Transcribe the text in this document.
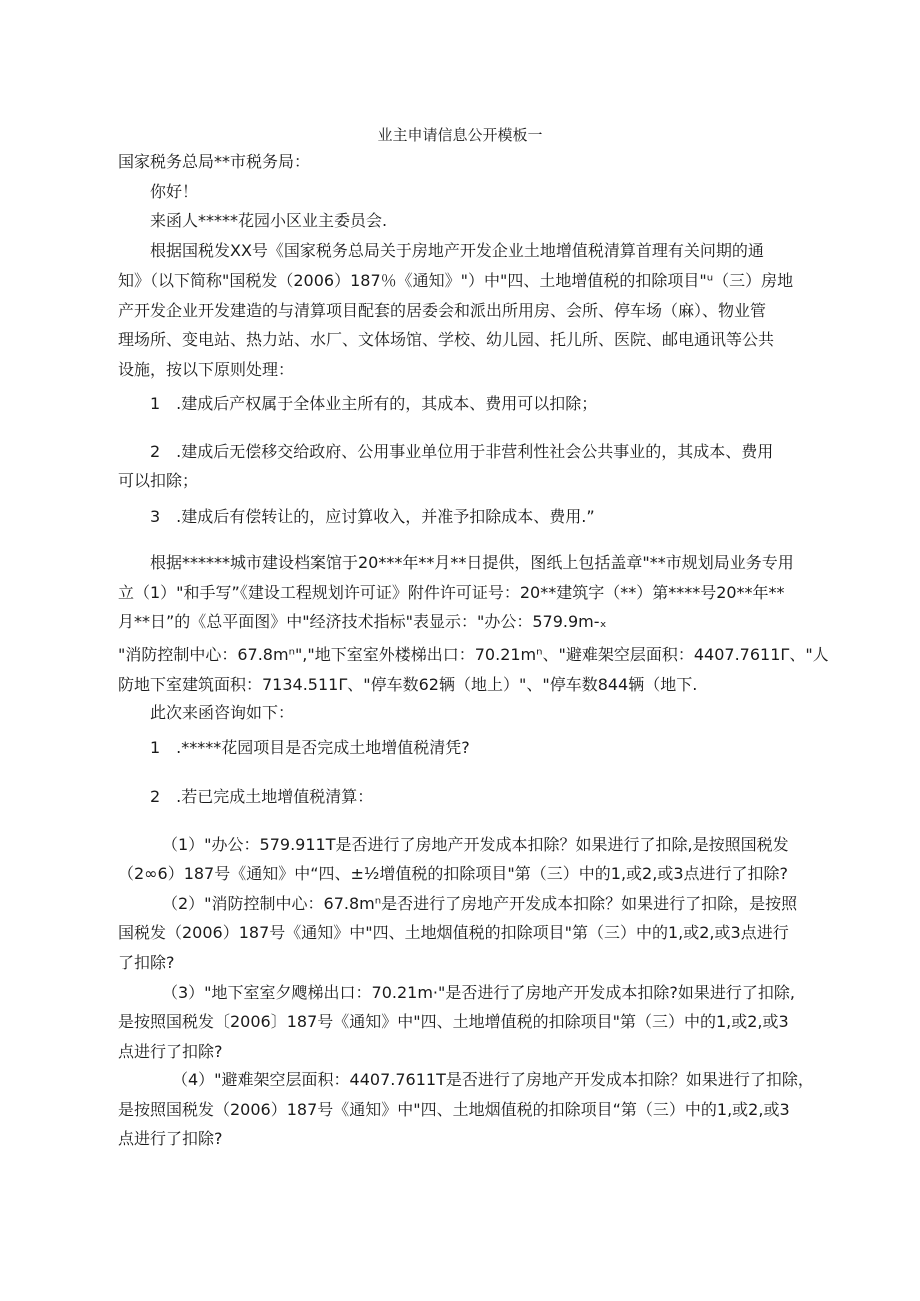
业主申请信息公开模板一
国家税务总局**市税务局：
你好！
来函人*****花园小区业主委员会.
根据国税发XX号《国家税务总局关于房地产开发企业土地增值税清算首理有关问期的通
知》（以下简称"国税发（2006）187％《通知》"）中"四、土地增值税的扣除项目"ᵘ（三）房地
产开发企业开发建造的与清算项目配套的居委会和派出所用房、会所、停车场（麻）、物业管
理场所、变电站、热力站、水厂、文体场馆、学校、幼儿园、托儿所、医院、邮电通讯等公共
设施，按以下原则处理：
1　.建成后产权属于全体业主所有的，其成本、费用可以扣除；
2　.建成后无偿移交给政府、公用事业单位用于非营利性社会公共事业的，其成本、费用
可以扣除；
3　.建成后有偿转让的，应讨算收入，并准予扣除成本、费用.”
根据******城市建设档案馆于20***年**月**日提供，图纸上包括盖章"**市规划局业务专用
立（1）"和手写”《建设工程规划许可证》附件许可证号：20**建筑字（**）第****号20**年**
月**日”的《总平面图》中"经济技术指标"表显示："办公：579.9m-ₓ
"消防控制中心：67.8mⁿ","地下室室外楼梯出口：70.21mⁿ、"避难架空层面积：4407.7611Γ、"人
防地下室建筑面积：7134.511Γ、"停车数62辆（地上）"、"停车数844辆（地下.
此次来函咨询如下：
1　.*****花园项目是否完成土地增值税清凭?
2　.若已完成土地增值税清算：
（1）"办公：579.911T是否进行了房地产开发成本扣除？如果进行了扣除,是按照国税发
（2∞6）187号《通知》中“四、±½增值税的扣除项目"第（三）中的1,或2,或3点进行了扣除?
（2）"消防控制中心：67.8mⁿ是否进行了房地产开发成本扣除？如果进行了扣除，是按照
国税发（2006）187号《通知》中"四、土地烟值税的扣除项目"第（三）中的1,或2,或3点进行
了扣除?
（3）"地下室室夕飕梯出口：70.21m·"是否进行了房地产开发成本扣除?如果进行了扣除,
是按照国税发〔2006〕187号《通知》中"四、土地增值税的扣除项目"第（三）中的1,或2,或3
点进行了扣除?
（4）"避难架空层面积：4407.7611T是否进行了房地产开发成本扣除？如果进行了扣除，
是按照国税发（2006）187号《通知》中"四、土地烟值税的扣除项目“第（三）中的1,或2,或3
点进行了扣除?
